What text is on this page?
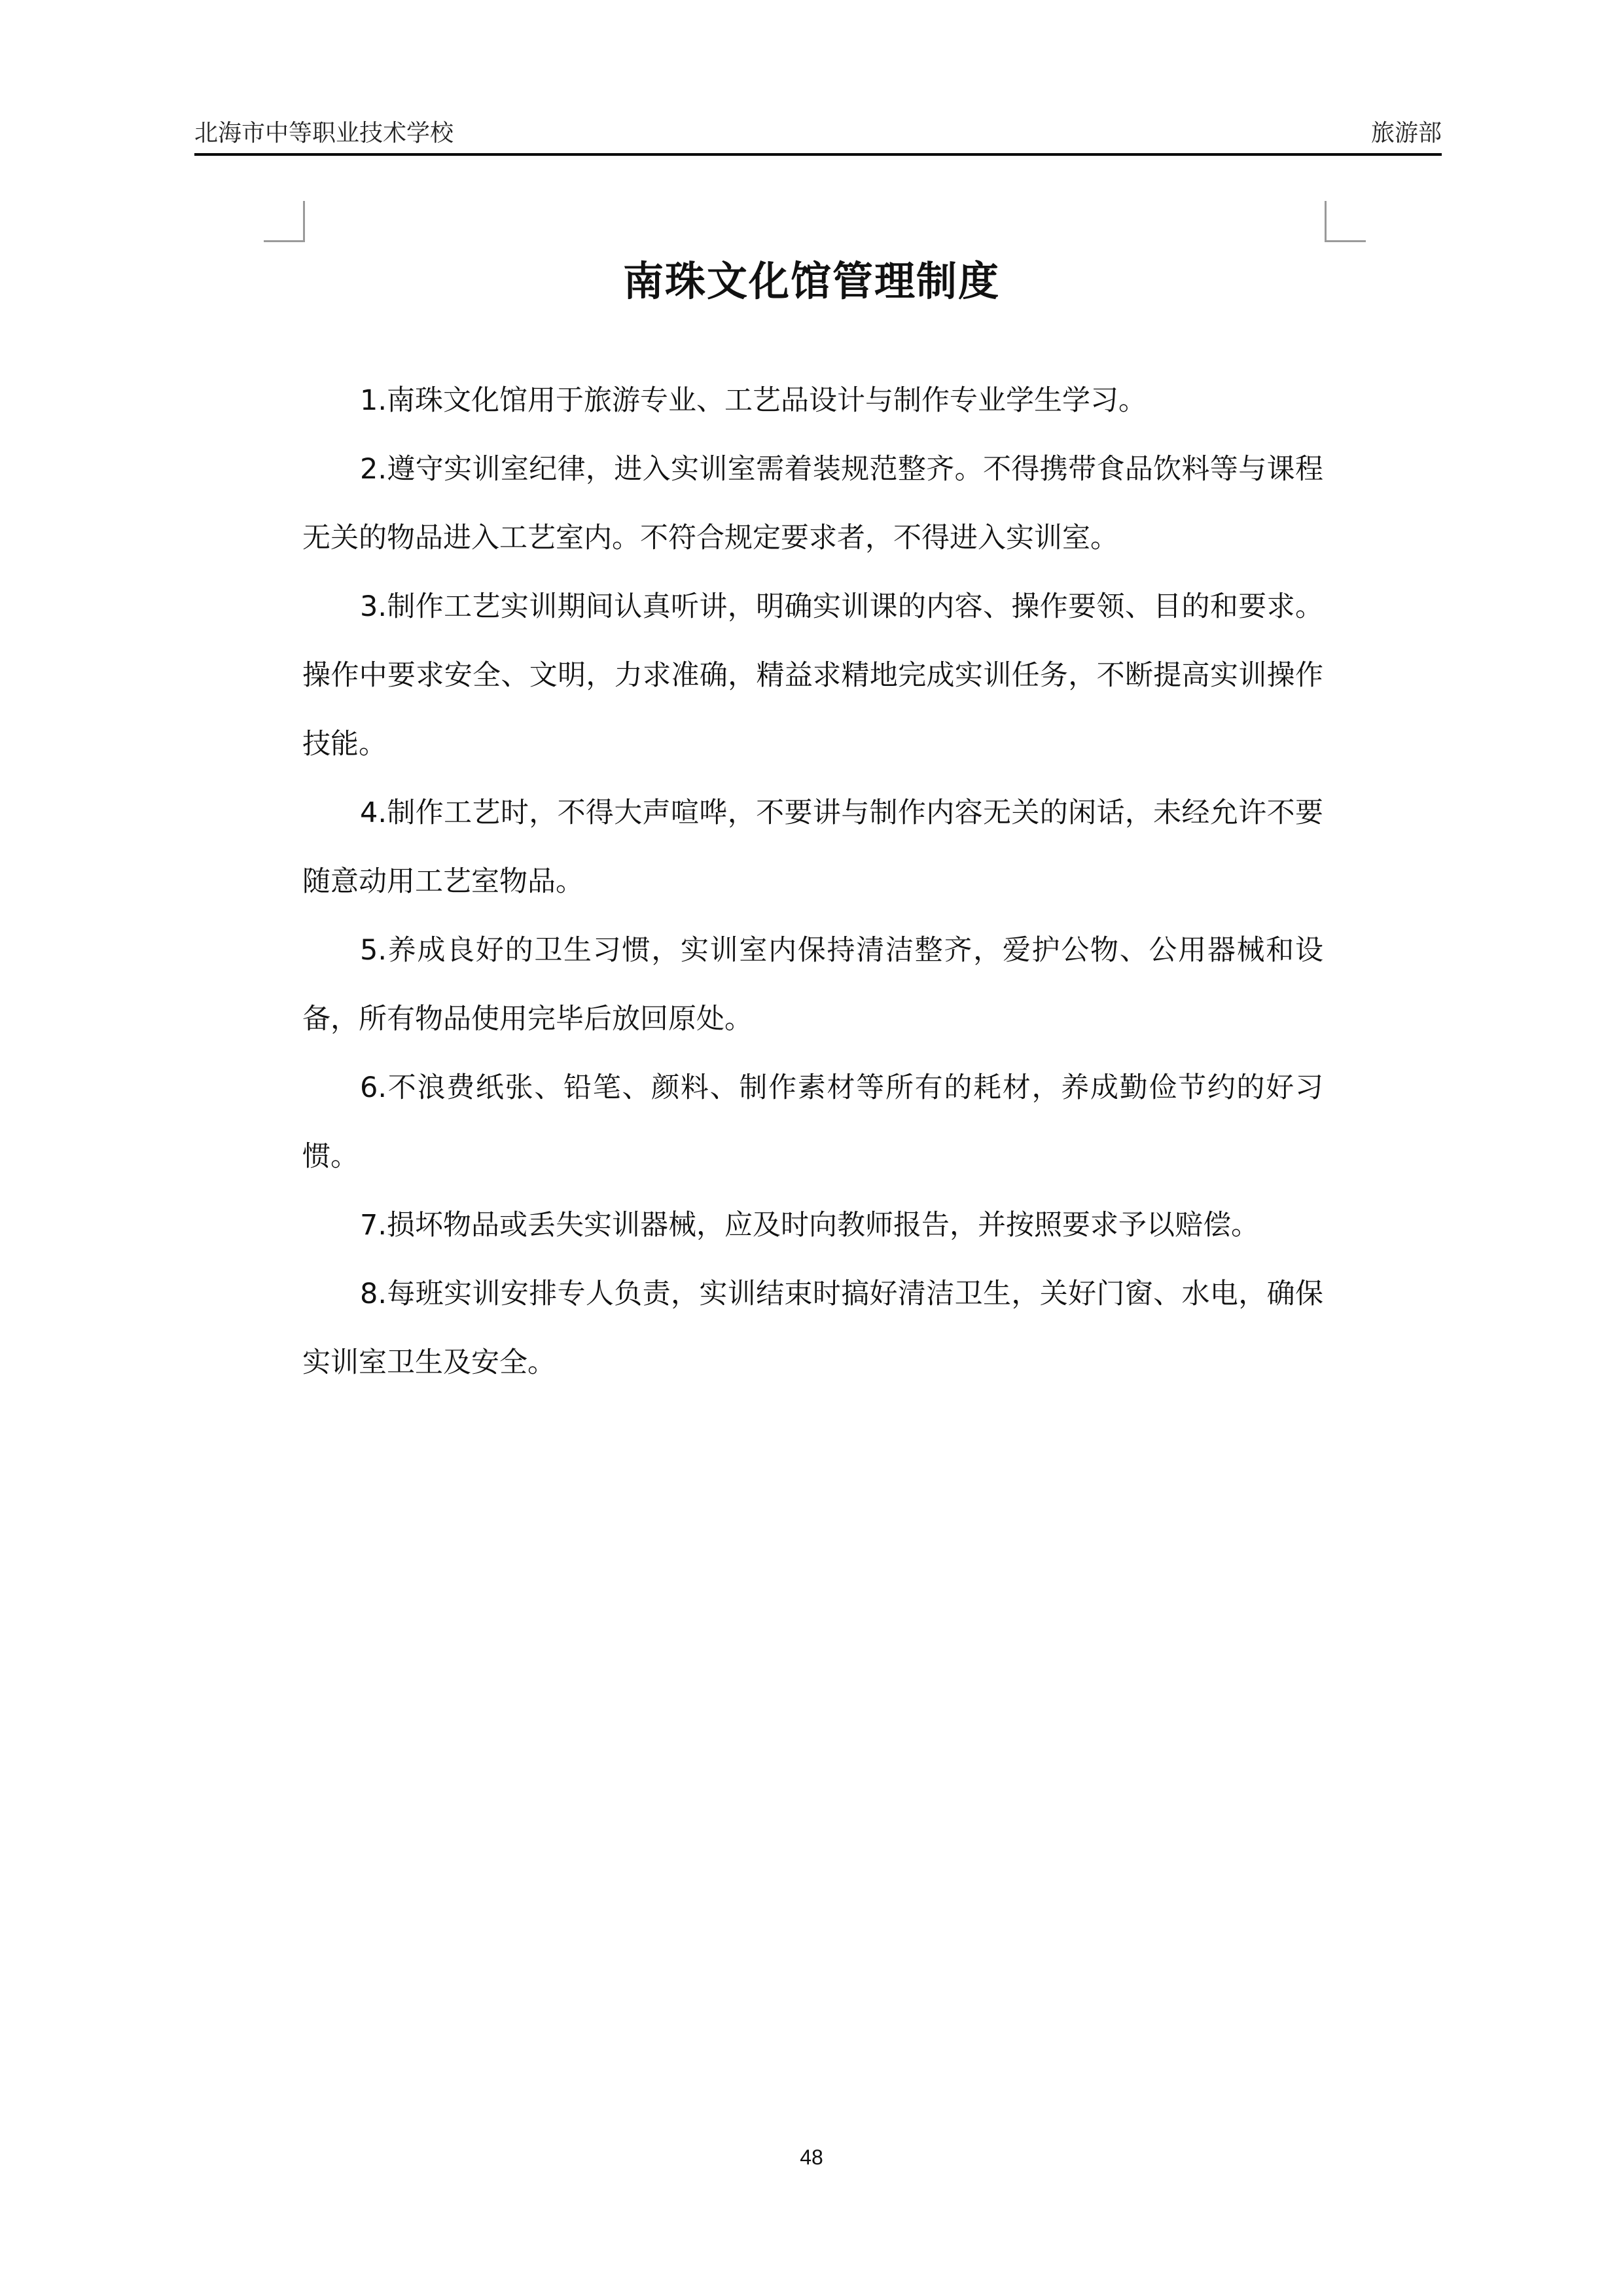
北海市中等职业技术学校	旅游部
南珠文化馆管理制度

1.南珠文化馆用于旅游专业、工艺品设计与制作专业学生学习。

2.遵守实训室纪律，进入实训室需着装规范整齐。不得携带食品饮料等与课程无关的物品进入工艺室内。不符合规定要求者，不得进入实训室。

3.制作工艺实训期间认真听讲，明确实训课的内容、操作要领、目的和要求。操作中要求安全、文明，力求准确，精益求精地完成实训任务，不断提高实训操作技能。

4.制作工艺时，不得大声喧哗，不要讲与制作内容无关的闲话，未经允许不要随意动用工艺室物品。

5.养成良好的卫生习惯，实训室内保持清洁整齐，爱护公物、公用器械和设备，所有物品使用完毕后放回原处。

6.不浪费纸张、铅笔、颜料、制作素材等所有的耗材，养成勤俭节约的好习惯。

7.损坏物品或丢失实训器械，应及时向教师报告，并按照要求予以赔偿。

8.每班实训安排专人负责，实训结束时搞好清洁卫生，关好门窗、水电，确保实训室卫生及安全。

48
